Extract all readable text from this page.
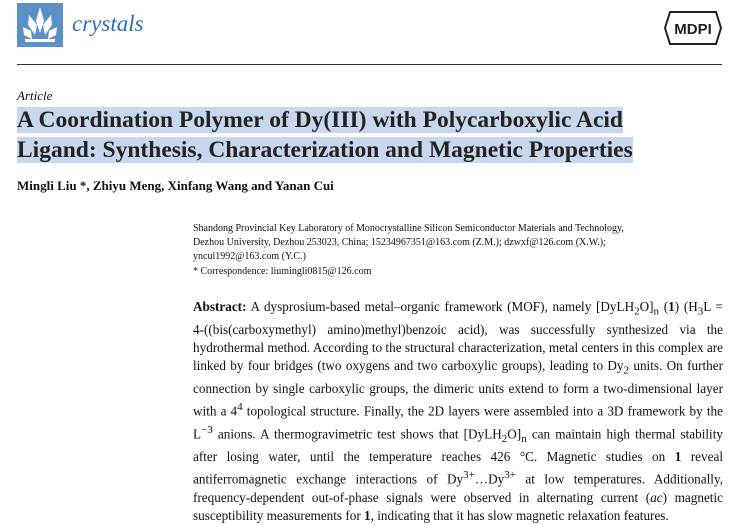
crystals	MDPI
Article
A Coordination Polymer of Dy(III) with Polycarboxylic Acid
Ligand: Synthesis, Characterization and Magnetic Properties
Mingli Liu *, Zhiyu Meng, Xinfang Wang and Yanan Cui
Shandong Provincial Key Laboratory of Monocrystalline Silicon Semiconductor Materials and Technology,
Dezhou University, Dezhou 253023, China; 15234967351@163.com (Z.M.); dzwxf@126.com (X.W.);
yncui1992@163.com (Y.C.)
* Correspondence: liumingli0815@126.com
Abstract: A dysprosium-based metal–organic framework (MOF), namely $[DyLH_2O]_n$ (1) ($H_3L$ = 4-((bis(carboxymethyl) amino)methyl)benzoic acid), was successfully synthesized via the hydrothermal method. According to the structural characterization, metal centers in this complex are linked by four bridges (two oxygens and two carboxylic groups), leading to $Dy_2$ units. On further connection by single carboxylic groups, the dimeric units extend to form a two-dimensional layer with a $4^4$ topological structure. Finally, the 2D layers were assembled into a 3D framework by the $L^{-3}$ anions. A thermogravimetric test shows that $[DyLH_2O]_n$ can maintain high thermal stability after losing water, until the temperature reaches 426 °C. Magnetic studies on 1 reveal antiferromagnetic exchange interactions of $Dy^{3+}\dots Dy^{3+}$ at low temperatures. Additionally, frequency-dependent out-of-phase signals were observed in alternating current (ac) magnetic susceptibility measurements for 1, indicating that it has slow magnetic relaxation features.
